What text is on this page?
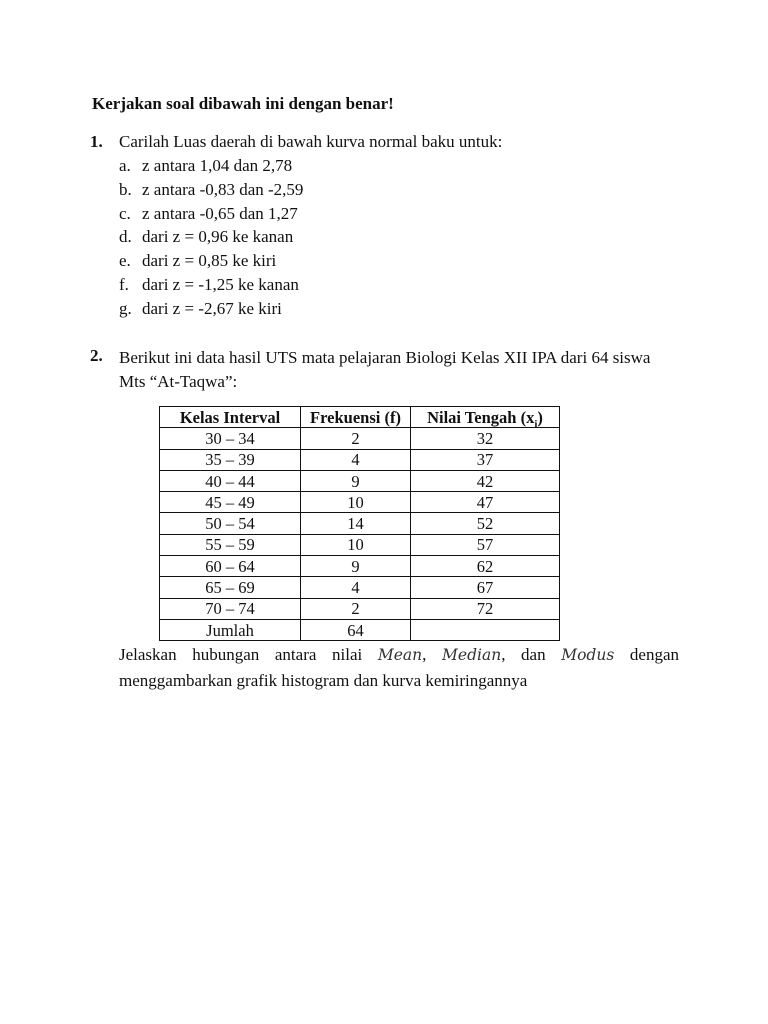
Kerjakan soal dibawah ini dengan benar!
1. Carilah Luas daerah di bawah kurva normal baku untuk:
a. z antara 1,04 dan 2,78
b. z antara -0,83 dan -2,59
c. z antara -0,65 dan 1,27
d. dari z = 0,96 ke kanan
e. dari z = 0,85 ke kiri
f. dari z = -1,25 ke kanan
g. dari z = -2,67 ke kiri
2. Berikut ini data hasil UTS mata pelajaran Biologi Kelas XII IPA dari 64 siswa
Mts “At-Taqwa”:
Kelas Interval	Frekuensi (f)	Nilai Tengah $(x_i)$
30 – 34	2	32
35 – 39	4	37
40 – 44	9	42
45 – 49	10	47
50 – 54	14	52
55 – 59	10	57
60 – 64	9	62
65 – 69	4	67
70 – 74	2	72
Jumlah	64	
Jelaskan hubungan antara nilai Mean, Median, dan Modus dengan
menggambarkan grafik histogram dan kurva kemiringannya
